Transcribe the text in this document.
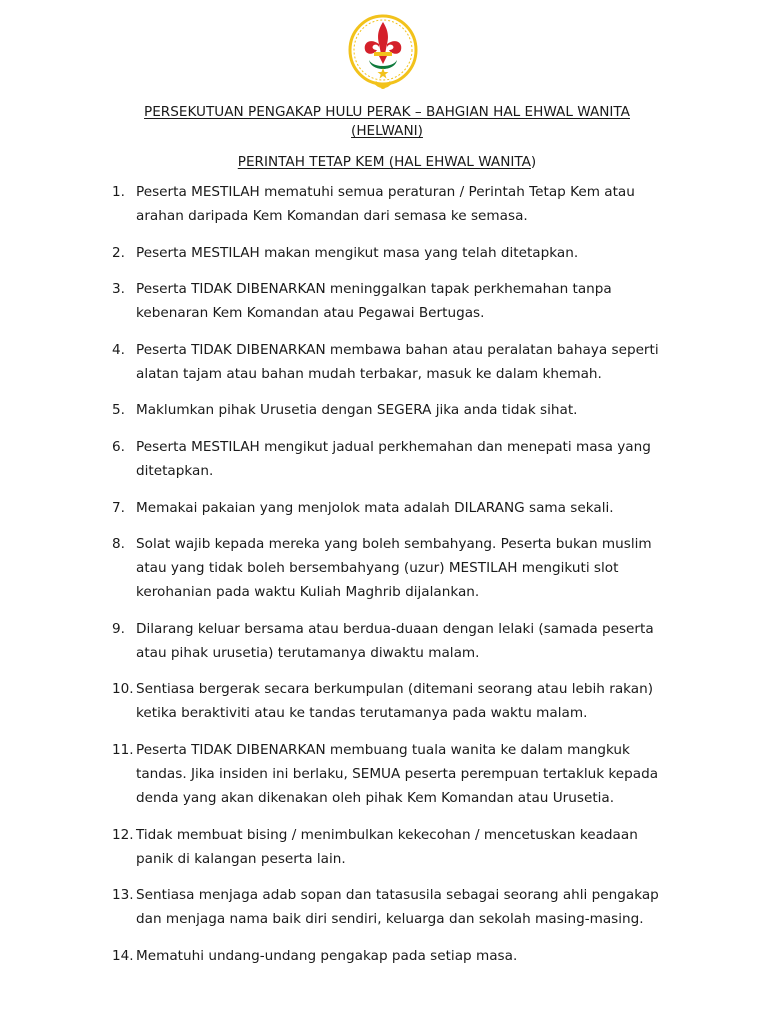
PERSEKUTUAN PENGAKAP HULU PERAK – BAHGIAN HAL EHWAL WANITA
(HELWANI)
PERINTAH TETAP KEM (HAL EHWAL WANITA)
1. Peserta MESTILAH mematuhi semua peraturan / Perintah Tetap Kem atau arahan daripada Kem Komandan dari semasa ke semasa.
2. Peserta MESTILAH makan mengikut masa yang telah ditetapkan.
3. Peserta TIDAK DIBENARKAN meninggalkan tapak perkhemahan tanpa kebenaran Kem Komandan atau Pegawai Bertugas.
4. Peserta TIDAK DIBENARKAN membawa bahan atau peralatan bahaya seperti alatan tajam atau bahan mudah terbakar, masuk ke dalam khemah.
5. Maklumkan pihak Urusetia dengan SEGERA jika anda tidak sihat.
6. Peserta MESTILAH mengikut jadual perkhemahan dan menepati masa yang ditetapkan.
7. Memakai pakaian yang menjolok mata adalah DILARANG sama sekali.
8. Solat wajib kepada mereka yang boleh sembahyang. Peserta bukan muslim atau yang tidak boleh bersembahyang (uzur) MESTILAH mengikuti slot kerohanian pada waktu Kuliah Maghrib dijalankan.
9. Dilarang keluar bersama atau berdua-duaan dengan lelaki (samada peserta atau pihak urusetia) terutamanya diwaktu malam.
10. Sentiasa bergerak secara berkumpulan (ditemani seorang atau lebih rakan) ketika beraktiviti atau ke tandas terutamanya pada waktu malam.
11. Peserta TIDAK DIBENARKAN membuang tuala wanita ke dalam mangkuk tandas. Jika insiden ini berlaku, SEMUA peserta perempuan tertakluk kepada denda yang akan dikenakan oleh pihak Kem Komandan atau Urusetia.
12. Tidak membuat bising / menimbulkan kekecohan / mencetuskan keadaan panik di kalangan peserta lain.
13. Sentiasa menjaga adab sopan dan tatasusila sebagai seorang ahli pengakap dan menjaga nama baik diri sendiri, keluarga dan sekolah masing-masing.
14. Mematuhi undang-undang pengakap pada setiap masa.
